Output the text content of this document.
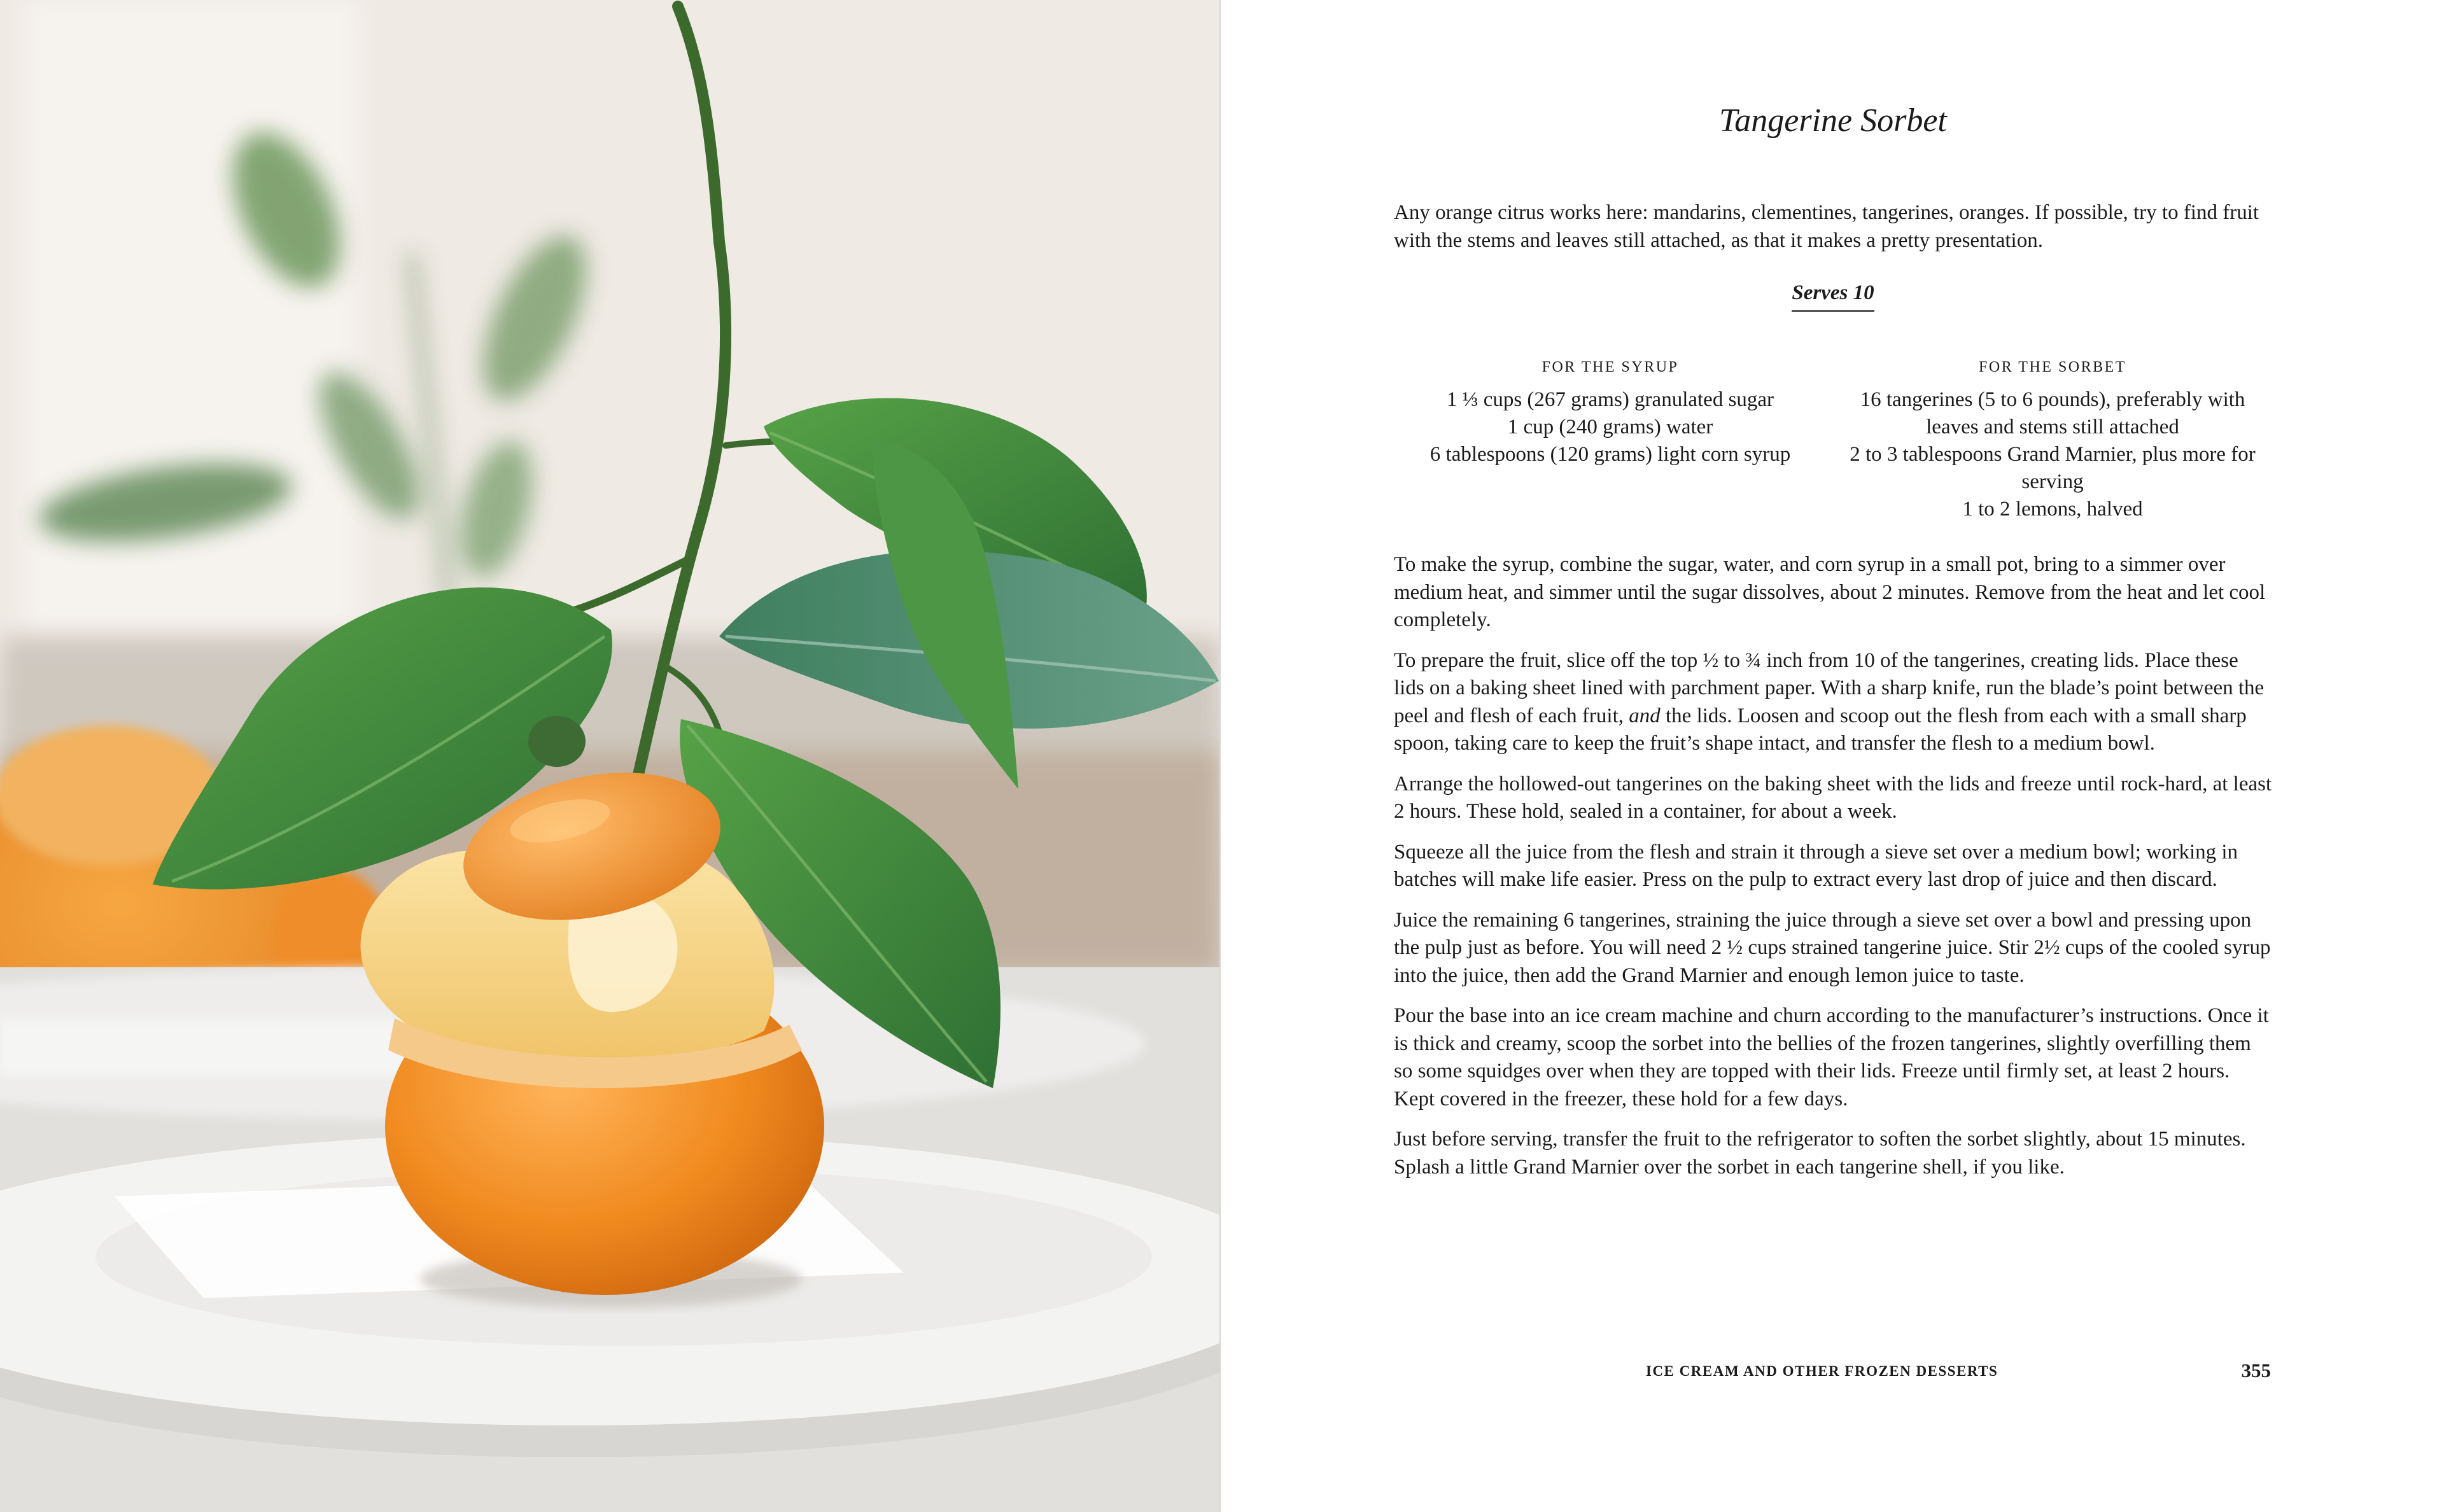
Tangerine Sorbet

Any orange citrus works here: mandarins, clementines, tangerines, oranges. If possible, try to find fruit with the stems and leaves still attached, as that it makes a pretty presentation.

Serves 10
FOR THE SYRUP
1 ⅓ cups (267 grams) granulated sugar
1 cup (240 grams) water
6 tablespoons (120 grams) light corn syrup
FOR THE SORBET
16 tangerines (5 to 6 pounds), preferably with leaves and stems still attached
2 to 3 tablespoons Grand Marnier, plus more for serving
1 to 2 lemons, halved

To make the syrup, combine the sugar, water, and corn syrup in a small pot, bring to a simmer over medium heat, and simmer until the sugar dissolves, about 2 minutes. Remove from the heat and let cool completely.

To prepare the fruit, slice off the top ½ to ¾ inch from 10 of the tangerines, creating lids. Place these lids on a baking sheet lined with parchment paper. With a sharp knife, run the blade’s point between the peel and flesh of each fruit, and the lids. Loosen and scoop out the flesh from each with a small sharp spoon, taking care to keep the fruit’s shape intact, and transfer the flesh to a medium bowl.

Arrange the hollowed-out tangerines on the baking sheet with the lids and freeze until rock-hard, at least 2 hours. These hold, sealed in a container, for about a week.

Squeeze all the juice from the flesh and strain it through a sieve set over a medium bowl; working in batches will make life easier. Press on the pulp to extract every last drop of juice and then discard.

Juice the remaining 6 tangerines, straining the juice through a sieve set over a bowl and pressing upon the pulp just as before. You will need 2 ½ cups strained tangerine juice. Stir 2½ cups of the cooled syrup into the juice, then add the Grand Marnier and enough lemon juice to taste.

Pour the base into an ice cream machine and churn according to the manufacturer’s instructions. Once it is thick and creamy, scoop the sorbet into the bellies of the frozen tangerines, slightly overfilling them so some squidges over when they are topped with their lids. Freeze until firmly set, at least 2 hours. Kept covered in the freezer, these hold for a few days.

Just before serving, transfer the fruit to the refrigerator to soften the sorbet slightly, about 15 minutes. Splash a little Grand Marnier over the sorbet in each tangerine shell, if you like.

ICE CREAM AND OTHER FROZEN DESSERTS	355
